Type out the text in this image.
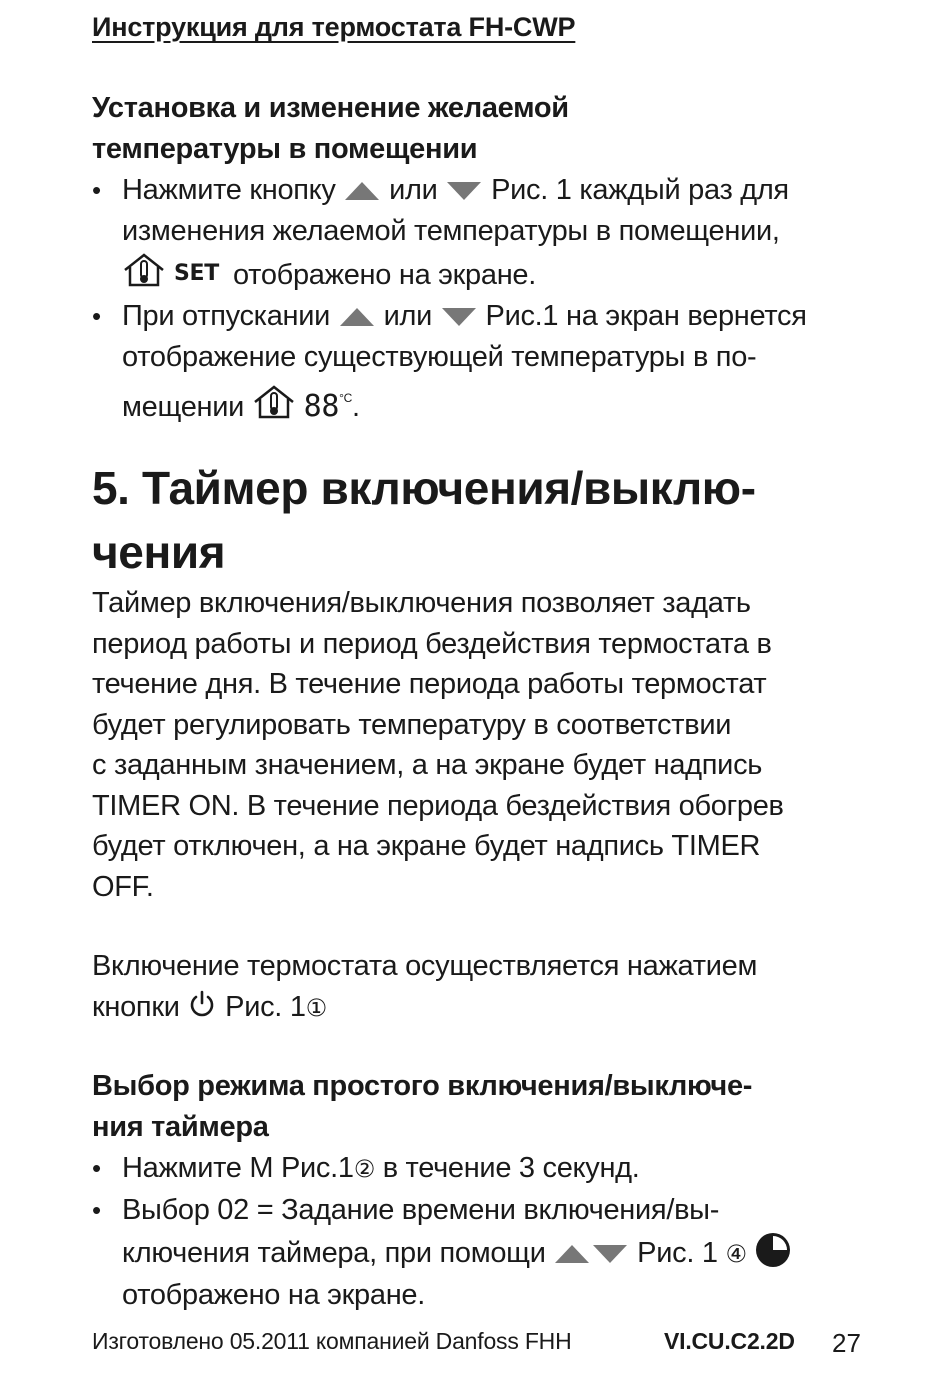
Инструкция для термостата FH-CWP
Установка и изменение желаемой
температуры в помещении
• Нажмите кнопку или Рис. 1 каждый раз для
изменения желаемой температуры в помещении,
SET отображено на экране.
• При отпускании или Рис.1 на экран вернется
отображение существующей температуры в по-
мещении $88^{^\circ C}$.
5. Таймер включения/выклю-
чения

Таймер включения/выключения позволяет задать
период работы и период бездействия термостата в
течение дня. В течение периода работы термостат
будет регулировать температуру в соответствии
с заданным значением, а на экране будет надпись
TIMER ON. В течение периода бездействия обогрев
будет отключен, а на экране будет надпись TIMER
OFF.

Включение термостата осуществляется нажатием
кнопки Рис. 1①

Выбор режима простого включения/выключе-
ния таймера
• Нажмите M Рис.1② в течение 3 секунд.
• Выбор 02 = Задание времени включения/вы-
ключения таймера, при помощи	Рис. 1 ④
отображено на экране.
Изготовлено 05.2011 компанией Danfoss FHH	VI.CU.C2.2D 27
